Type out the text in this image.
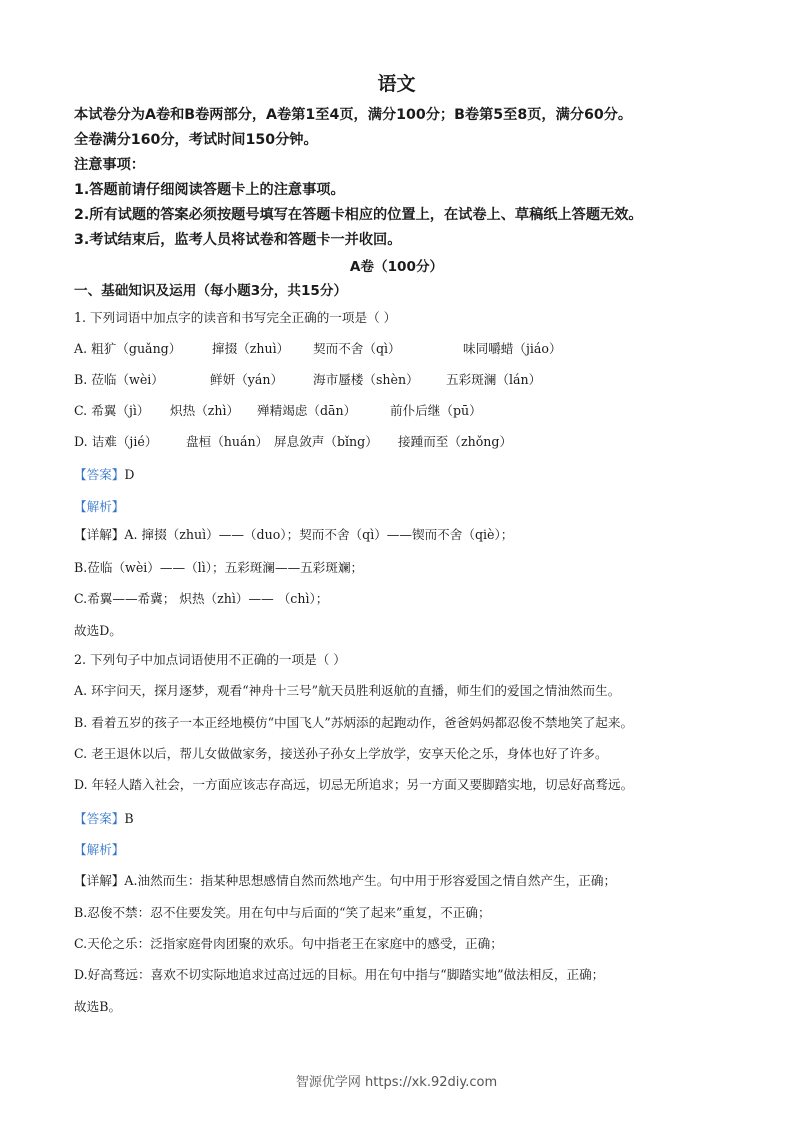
语文
本试卷分为A卷和B卷两部分，A卷第1至4页，满分100分；B卷第5至8页，满分60分。
全卷满分160分，考试时间150分钟。
注意事项：
1.答题前请仔细阅读答题卡上的注意事项。
2.所有试题的答案必须按题号填写在答题卡相应的位置上，在试卷上、草稿纸上答题无效。
3.考试结束后，监考人员将试卷和答题卡一并收回。
A卷（100分）
一、基础知识及运用（每小题3分，共15分）
1. 下列词语中加点字的读音和书写完全正确的一项是（ ）
A. 粗犷（guǎng） 撺掇（zhuì） 契而不舍（qì）	味同嚼蜡（jiáo）
B. 莅临（wèi）	鲜妍（yán） 海市蜃楼（shèn） 五彩斑澜（lán）
C. 希翼（jì） 炽热（zhì） 殚精竭虑（dān）	前仆后继（pū）
D. 诘难（jié） 盘桓（huán） 屏息敛声（bǐng） 接踵而至（zhǒng）
【答案】D
【解析】
【详解】A. 撺掇（zhuì）——（duo）；契而不舍（qì）——锲而不舍（qiè）；
B.莅临（wèi）——（lì）；五彩斑澜——五彩斑斓；
C.希翼——希冀； 炽热（zhì）—— （chì）；
故选D。
2. 下列句子中加点词语使用不正确的一项是（ ）
A. 环宇问天，探月逐梦，观看“神舟十三号”航天员胜利返航的直播，师生们的爱国之情油然而生。
B. 看着五岁的孩子一本正经地模仿“中国飞人”苏炳添的起跑动作，爸爸妈妈都忍俊不禁地笑了起来。
C. 老王退休以后，帮儿女做做家务，接送孙子孙女上学放学，安享天伦之乐，身体也好了许多。
D. 年轻人踏入社会，一方面应该志存高远，切忌无所追求；另一方面又要脚踏实地，切忌好高骛远。
【答案】B
【解析】
【详解】A.油然而生：指某种思想感情自然而然地产生。句中用于形容爱国之情自然产生，正确；
B.忍俊不禁：忍不住要发笑。用在句中与后面的“笑了起来”重复，不正确；
C.天伦之乐：泛指家庭骨肉团聚的欢乐。句中指老王在家庭中的感受，正确；
D.好高骛远：喜欢不切实际地追求过高过远的目标。用在句中指与“脚踏实地”做法相反，正确；
故选B。
智源优学网 https://xk.92diy.com
